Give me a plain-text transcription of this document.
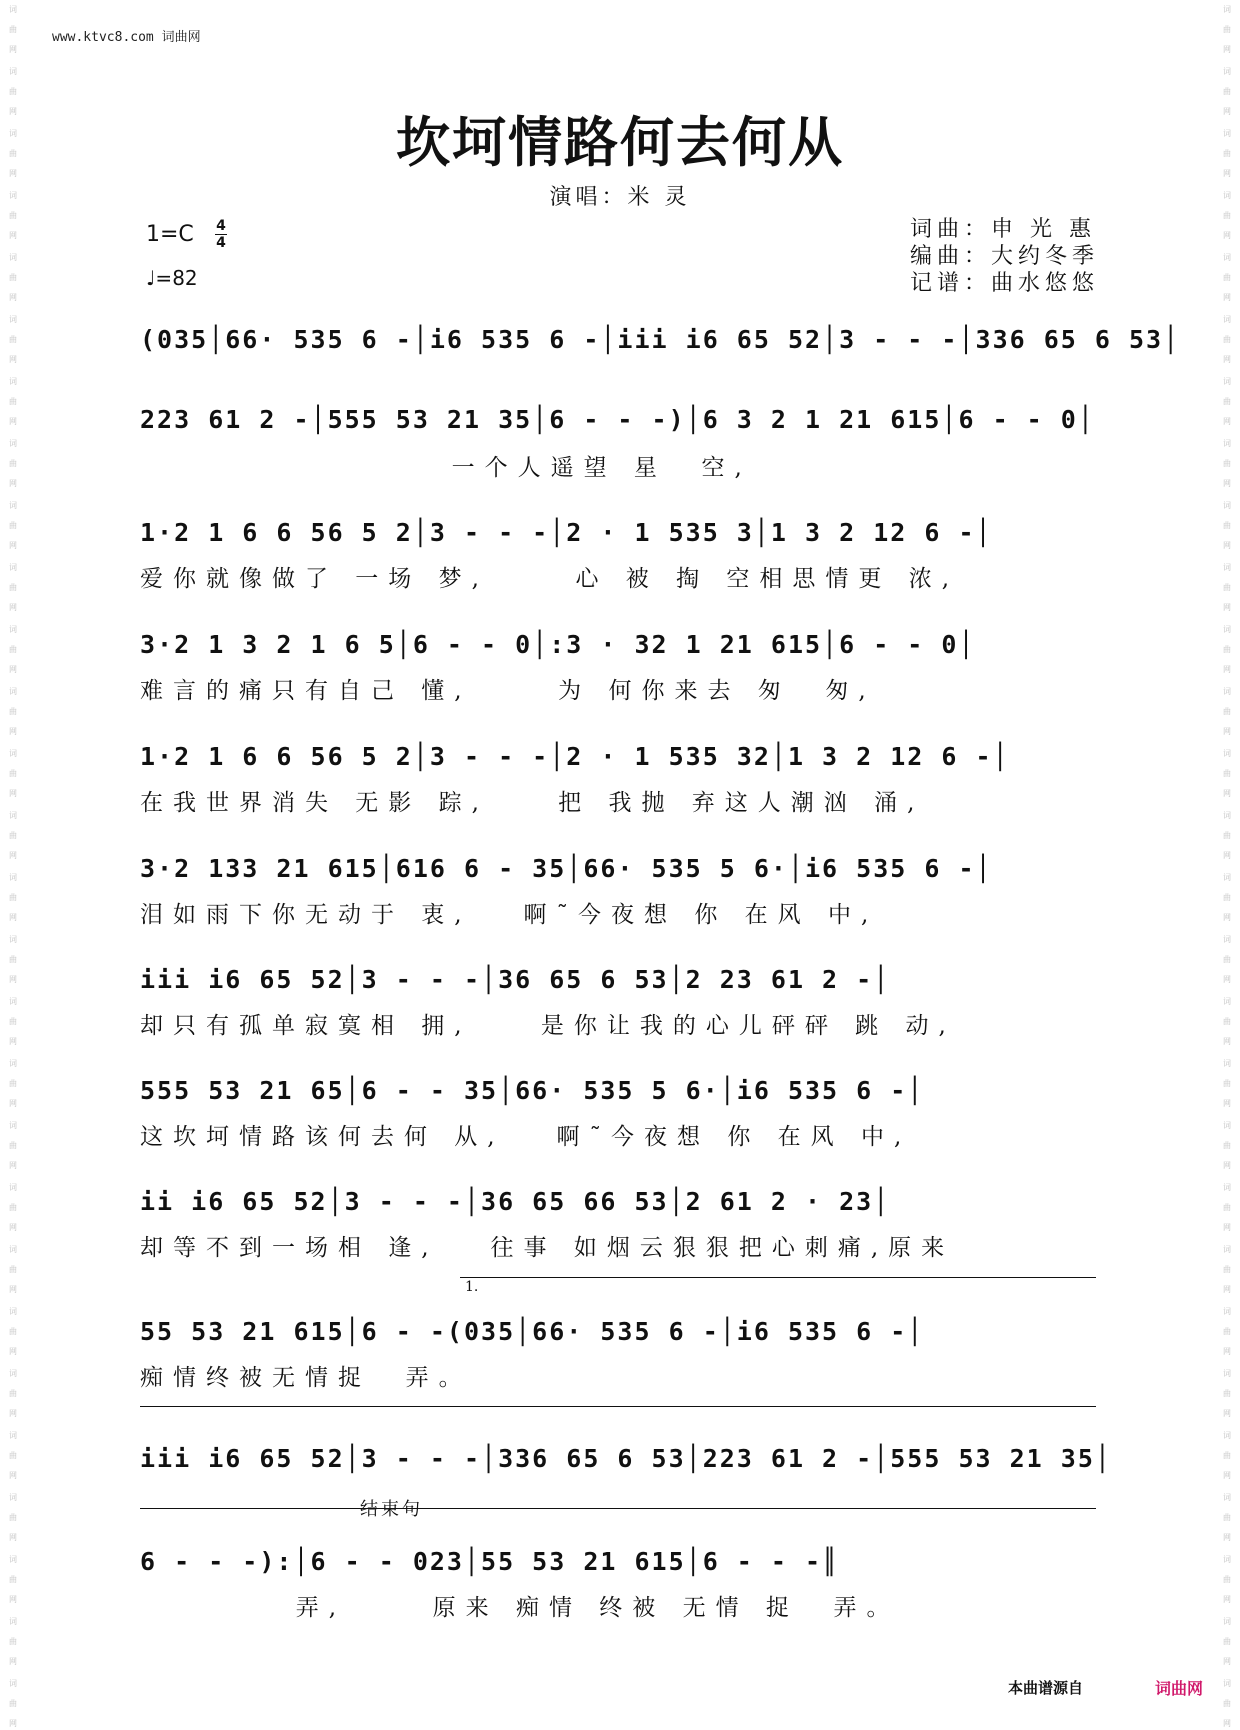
词
曲
网
词
曲
网
词
曲
网
词
曲
网
词
曲
网
词
曲
网
词
曲
网
词
曲
网
词
曲
网
词
曲
网
词
曲
网
词
曲
网
词
曲
网
词
曲
网
词
曲
网
词
曲
网
词
曲
网
词
曲
网
词
曲
网
词
曲
网
词
曲
网
词
曲
网
词
曲
网
词
曲
网
词
曲
网
词
曲
网
词
曲
网
词
曲
网
词
曲
网
词
曲
网
词
曲
网
词
曲
网
词
曲
网
词
曲
网
词
曲
网
词
曲
网
词
曲
网
词
曲
网
词
曲
网
词
曲
网
词
曲
网
词
曲
网
词
曲
网
词
曲
网
词
曲
网
词
曲
网
词
曲
网
词
曲
网
词
曲
网
词
曲
网
词
曲
网
词
曲
网
词
曲
网
词
曲
网
词
曲
网
词
曲
网
www.ktvc8.com 词曲网
坎坷情路何去何从
演唱：米 灵
1=C 4
4
♩=82
词曲：申 光 惠
编曲：大约冬季
记谱：曲水悠悠
(035│66· 535 6 -│i6 535 6 -│iii i6 65 52│3 - - -│336 65 6 53│
223 61 2 -│555 53 21 35│6 - - -)│6 3 2 1 21 615│6 - - 0│
一个人遥望 星  空,
1·2 1 6 6 56 5 2│3 - - -│2 · 1 535 3│1 3 2 12 6 -│
爱你就像做了 一场 梦,     心 被 掏 空相思情更 浓,
3·2 1 3 2 1 6 5│6 - - 0│:3 · 32 1 21 615│6 - - 0│
难言的痛只有自己 懂,     为 何你来去 匆  匆,
1·2 1 6 6 56 5 2│3 - - -│2 · 1 535 32│1 3 2 12 6 -│
在我世界消失 无影 踪,    把 我抛 弃这人潮汹 涌,
3·2 133 21 615│616 6 - 35│66· 535 5 6·│i6 535 6 -│
泪如雨下你无动于 衷,   啊˜今夜想 你 在风 中,
iii i6 65 52│3 - - -│36 65 6 53│2 23 61 2 -│
却只有孤单寂寞相 拥,    是你让我的心儿砰砰 跳 动,
555 53 21 65│6 - - 35│66· 535 5 6·│i6 535 6 -│
这坎坷情路该何去何 从,   啊˜今夜想 你 在风 中,
ii i6 65 52│3 - - -│36 65 66 53│2 61 2 · 23│
却等不到一场相 逢,   往事 如烟云狠狠把心刺痛,原来
1.
55 53 21 615│6 - -(035│66· 535 6 -│i6 535 6 -│
痴情终被无情捉  弄。
iii i6 65 52│3 - - -│336 65 6 53│223 61 2 -│555 53 21 35│
结束句
6 - - -):│6 - - 023│55 53 21 615│6 - - -║
弄,     原来 痴情 终被 无情 捉  弄。
本曲谱源自	词曲网
